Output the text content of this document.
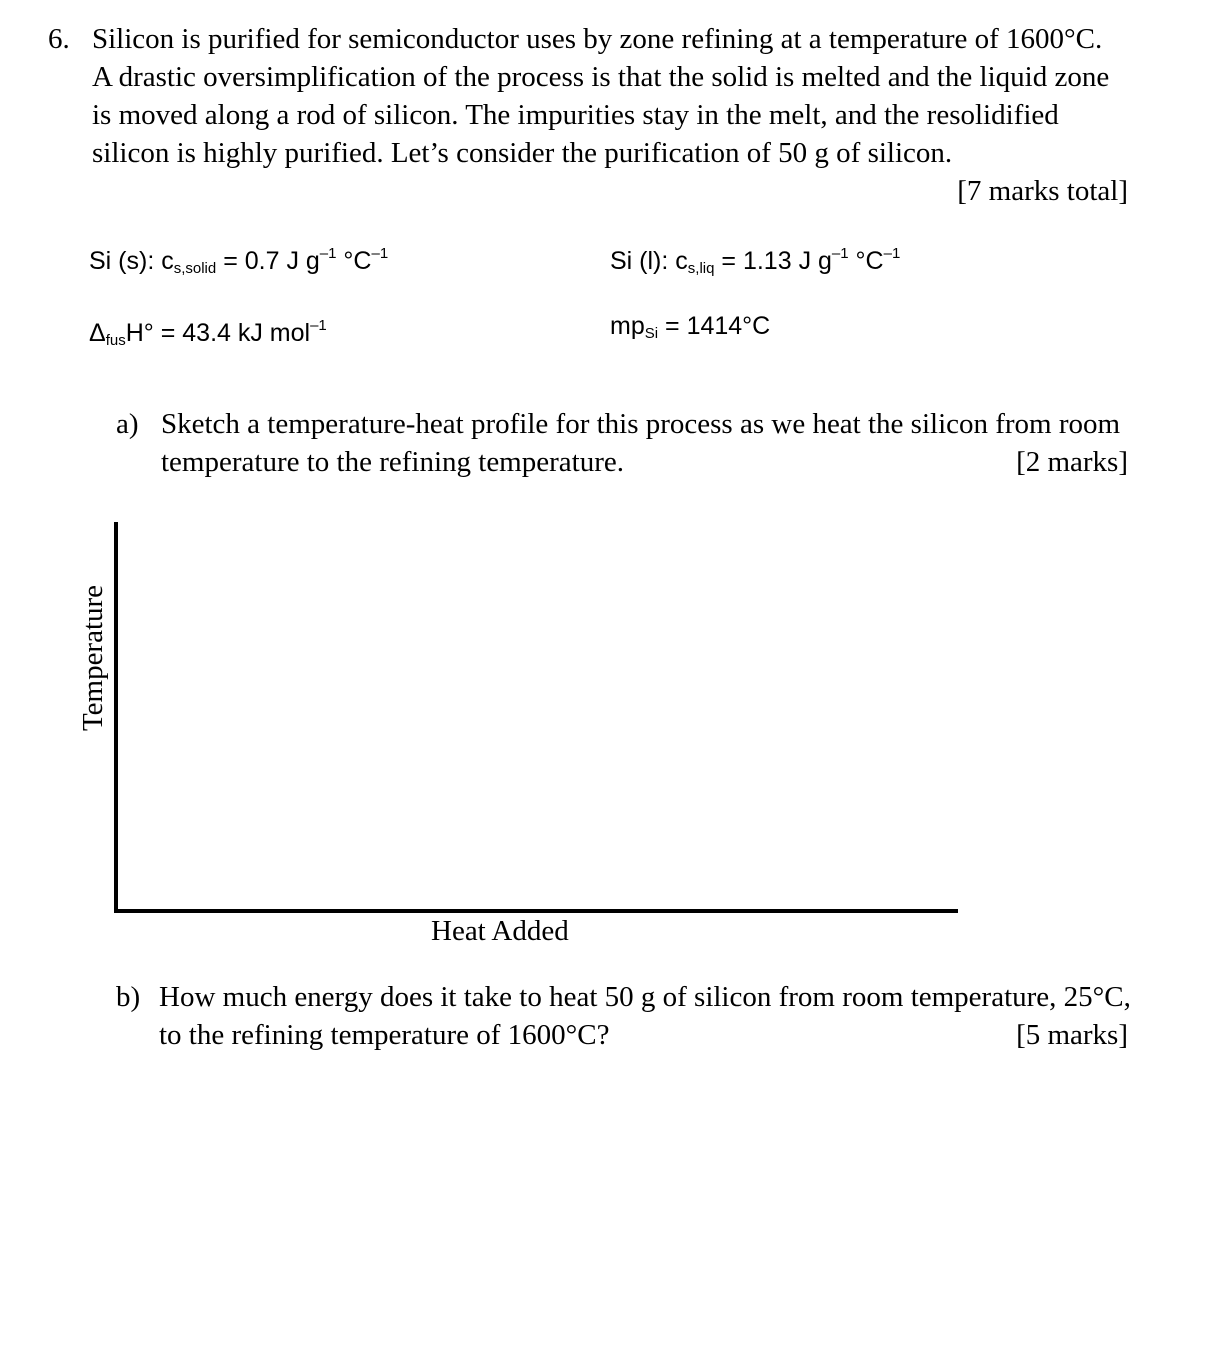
6. Silicon is purified for semiconductor uses by zone refining at a temperature of 1600°C.
A drastic oversimplification of the process is that the solid is melted and the liquid zone
is moved along a rod of silicon. The impurities stay in the melt, and the resolidified
silicon is highly purified. Let’s consider the purification of 50 g of silicon.
[7 marks total]
Si (s): $c_{s,solid} = 0.7$ J $g^{-1}$ $^\circ C^{-1}$	Si (l): $c_{s,liq} = 1.13$ J $g^{-1}$ $^\circ C^{-1}$
$\Delta_{fus}H^\circ = 43.4$ kJ mol$^{-1}$	$mp_{Si} = 1414^\circ C$
a) Sketch a temperature-heat profile for this process as we heat the silicon from room
temperature to the refining temperature.	[2 marks]
Temperature
Heat Added
b) How much energy does it take to heat 50 g of silicon from room temperature, 25°C,
to the refining temperature of 1600°C?	[5 marks]
